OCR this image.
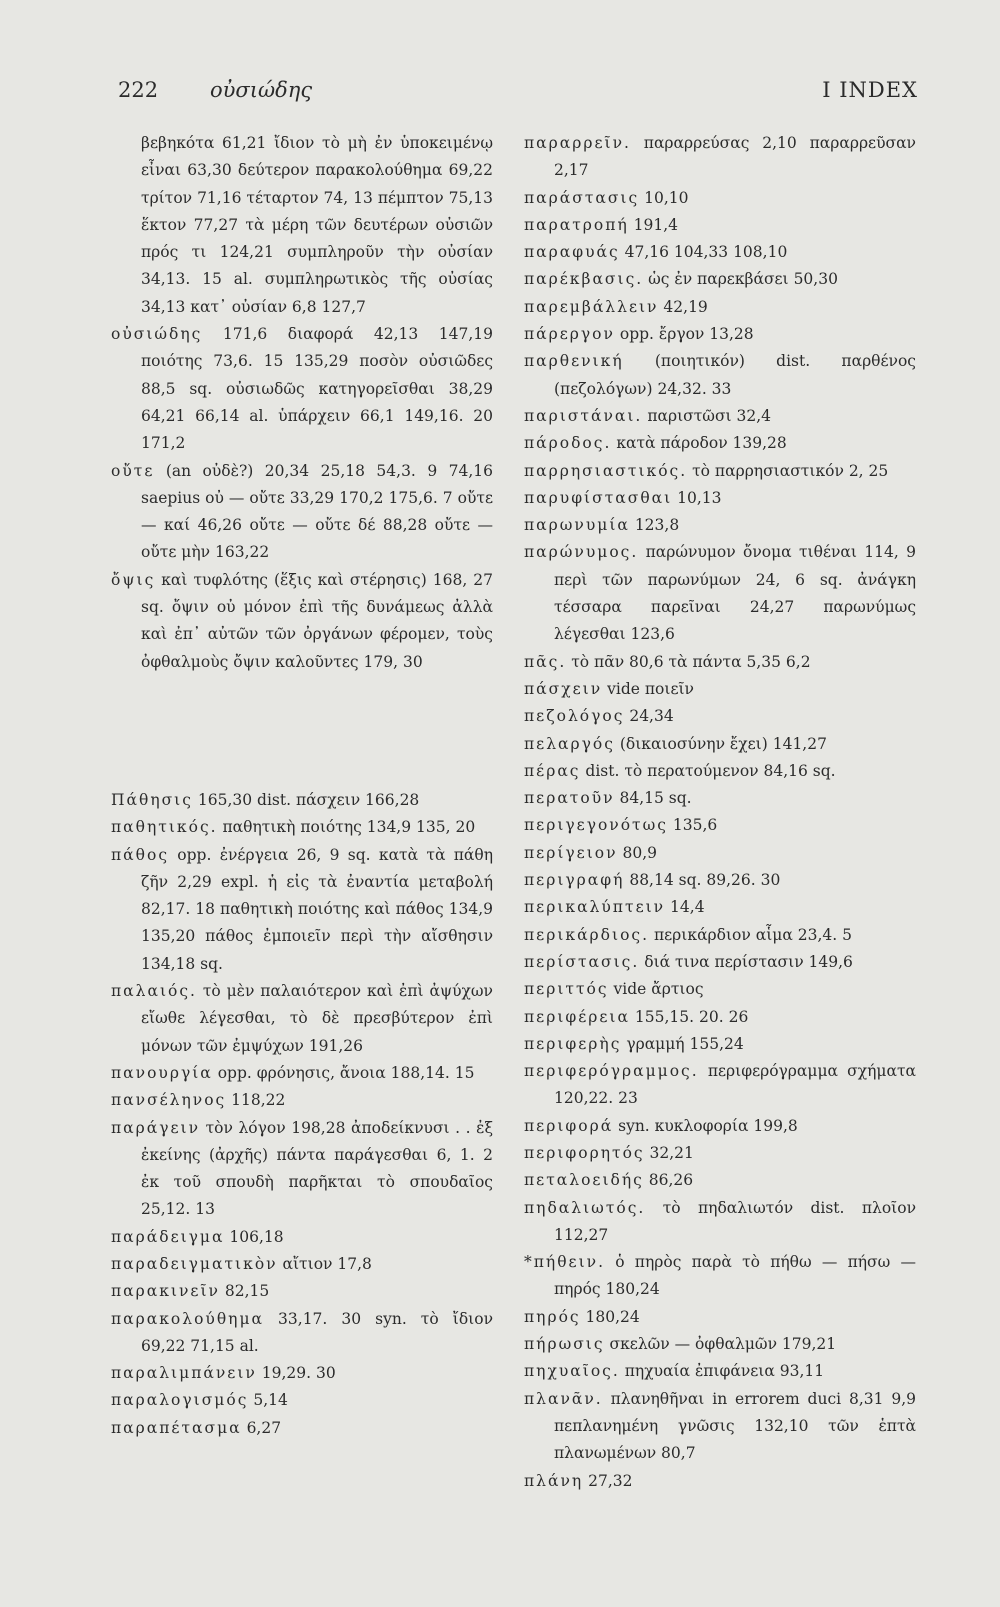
222 οὐσιώδης	I INDEX

βεβηκότα 61,21 ἴδιον τὸ μὴ ἐν ὑποκειμένῳ εἶναι 63,30 δεύτερον παρακολούθημα 69,22 τρίτον 71,16 τέταρτον 74, 13 πέμπτον 75,13 ἕκτον 77,27 τὰ μέρη τῶν δευτέρων οὐσιῶν πρός τι 124,21 συμπληροῦν τὴν οὐσίαν 34,13. 15 al. συμπληρωτικὸς τῆς οὐσίας 34,13 κατ᾽ οὐσίαν 6,8 127,7

οὐσιώδης 171,6 διαφορά 42,13 147,19 ποιότης 73,6. 15 135,29 ποσὸν οὐσιῶδες 88,5 sq. οὐσιωδῶς κατηγορεῖσθαι 38,29 64,21 66,14 al. ὑπάρχειν 66,1 149,16. 20 171,2

οὔτε (an οὐδὲ?) 20,34 25,18 54,3. 9 74,16 saepius οὐ — οὔτε 33,29 170,2 175,6. 7 οὔτε — καί 46,26 οὔτε — οὔτε δέ 88,28 οὔτε — οὔτε μὴν 163,22

ὄψις καὶ τυφλότης (ἕξις καὶ στέρησις) 168, 27 sq. ὄψιν οὐ μόνον ἐπὶ τῆς δυνάμεως ἀλλὰ καὶ ἐπ᾽ αὐτῶν τῶν ὀργάνων φέρομεν, τοὺς ὀφθαλμοὺς ὄψιν καλοῦντες 179, 30

Πάθησις 165,30 dist. πάσχειν 166,28

παθητικός. παθητικὴ ποιότης 134,9 135, 20

πάθος opp. ἐνέργεια 26, 9 sq. κατὰ τὰ πάθη ζῆν 2,29 expl. ἡ εἰς τὰ ἐναντία μεταβολή 82,17. 18 παθητικὴ ποιότης καὶ πάθος 134,9 135,20 πάθος ἐμποιεῖν περὶ τὴν αἴσθησιν 134,18 sq.

παλαιός. τὸ μὲν παλαιότερον καὶ ἐπὶ ἀψύχων εἴωθε λέγεσθαι, τὸ δὲ πρεσβύτερον ἐπὶ μόνων τῶν ἐμψύχων 191,26

πανουργία opp. φρόνησις, ἄνοια 188,14. 15

πανσέληνος 118,22

παράγειν τὸν λόγον 198,28 ἀποδείκνυσι . . ἐξ ἐκείνης (ἀρχῆς) πάντα παράγεσθαι 6, 1. 2 ἐκ τοῦ σπουδὴ παρῆκται τὸ σπουδαῖος 25,12. 13

παράδειγμα 106,18

παραδειγματικὸν αἴτιον 17,8

παρακινεῖν 82,15

παρακολούθημα 33,17. 30 syn. τὸ ἴδιον 69,22 71,15 al.

παραλιμπάνειν 19,29. 30

παραλογισμός 5,14

παραπέτασμα 6,27

παραρρεῖν. παραρρεύσας 2,10 παραρρεῦσαν 2,17

παράστασις 10,10

παρατροπή 191,4

παραφυάς 47,16 104,33 108,10

παρέκβασις. ὡς ἐν παρεκβάσει 50,30

παρεμβάλλειν 42,19

πάρεργον opp. ἔργον 13,28

παρθενική (ποιητικόν) dist. παρθένος (πεζολόγων) 24,32. 33

παριστάναι. παριστῶσι 32,4

πάροδος. κατὰ πάροδον 139,28

παρρησιαστικός. τὸ παρρησιαστικόν 2, 25

παρυφίστασθαι 10,13

παρωνυμία 123,8

παρώνυμος. παρώνυμον ὄνομα τιθέναι 114, 9 περὶ τῶν παρωνύμων 24, 6 sq. ἀνάγκη τέσσαρα παρεῖναι 24,27 παρωνύμως λέγεσθαι 123,6

πᾶς. τὸ πᾶν 80,6 τὰ πάντα 5,35 6,2

πάσχειν vide ποιεῖν

πεζολόγος 24,34

πελαργός (δικαιοσύνην ἔχει) 141,27

πέρας dist. τὸ περατούμενον 84,16 sq.

περατοῦν 84,15 sq.

περιγεγονότως 135,6

περίγειον 80,9

περιγραφή 88,14 sq. 89,26. 30

περικαλύπτειν 14,4

περικάρδιος. περικάρδιον αἷμα 23,4. 5

περίστασις. διά τινα περίστασιν 149,6

περιττός vide ἄρτιος

περιφέρεια 155,15. 20. 26

περιφερὴς γραμμή 155,24

περιφερόγραμμος. περιφερόγραμμα σχήματα 120,22. 23

περιφορά syn. κυκλοφορία 199,8

περιφορητός 32,21

πεταλοειδής 86,26

πηδαλιωτός. τὸ πηδαλιωτόν dist. πλοῖον 112,27

*πήθειν. ὁ πηρὸς παρὰ τὸ πήθω — πήσω — πηρός 180,24

πηρός 180,24

πήρωσις σκελῶν — ὀφθαλμῶν 179,21

πηχυαῖος. πηχυαία ἐπιφάνεια 93,11

πλανᾶν. πλανηθῆναι in errorem duci 8,31 9,9 πεπλανημένη γνῶσις 132,10 τῶν ἑπτὰ πλανωμένων 80,7

πλάνη 27,32
